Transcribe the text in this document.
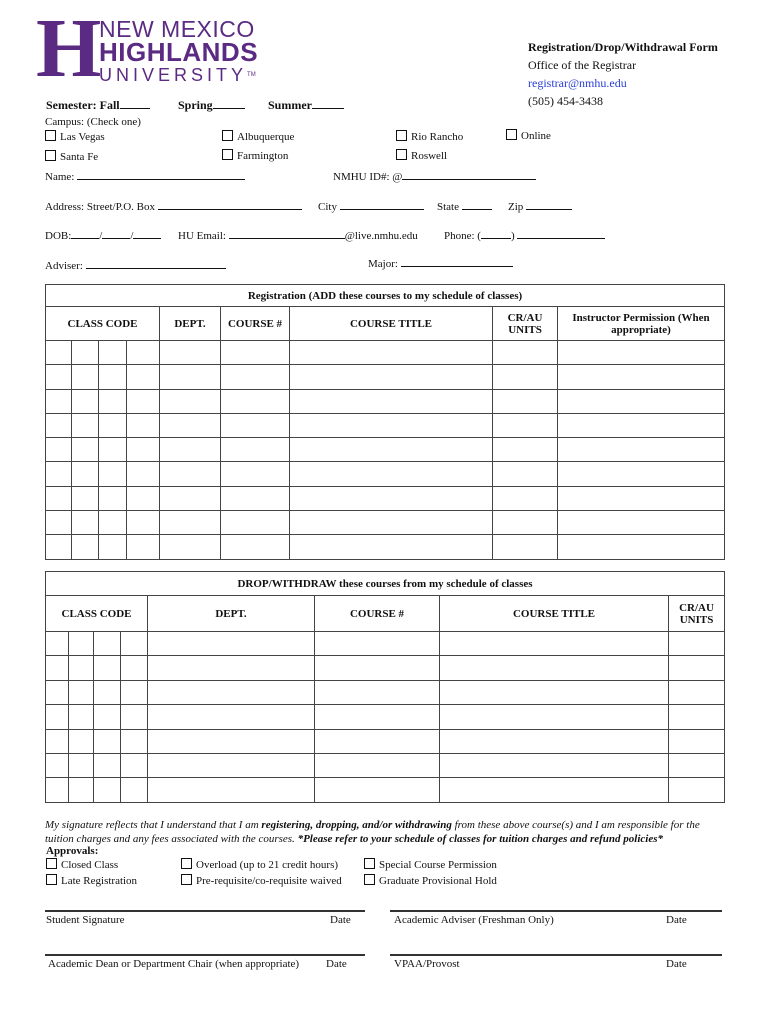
H NEW MEXICO
HIGHLANDS
UNIVERSITY™
Registration/Drop/Withdrawal Form
Office of the Registrar
registrar@nmhu.edu
(505) 454-3438
Semester: Fall	Spring	Summer
Campus: (Check one)
Las Vegas	Albuquerque	Rio Rancho	Online
Santa Fe	Farmington	Roswell
Name:	NMHU ID#: @
Address: Street/P.O. Box	City	State	Zip
DOB:	/	/	HU Email:	@live.nmhu.edu Phone: (	)
Adviser:	Major:
Registration (ADD these courses to my schedule of classes)								
CLASS CODE				DEPT.	COURSE #	COURSE TITLE	CR/AU UNITS	Instructor Permission (When appropriate)

DROP/WITHDRAW these courses from my schedule of classes							
CLASS CODE				DEPT.	COURSE #	COURSE TITLE	CR/AU UNITS

My signature reflects that I understand that I am registering, dropping, and/or withdrawing from these above course(s) and I am responsible for the tuition charges and any fees associated with the courses. *Please refer to your schedule of classes for tuition charges and refund policies*
Approvals:
Closed Class	Overload (up to 21 credit hours)	Special Course Permission
Late Registration	Pre-requisite/co-requisite waived	Graduate Provisional Hold
Student Signature	Date	Academic Adviser (Freshman Only)	Date
Academic Dean or Department Chair (when appropriate) Date	VPAA/Provost	Date
